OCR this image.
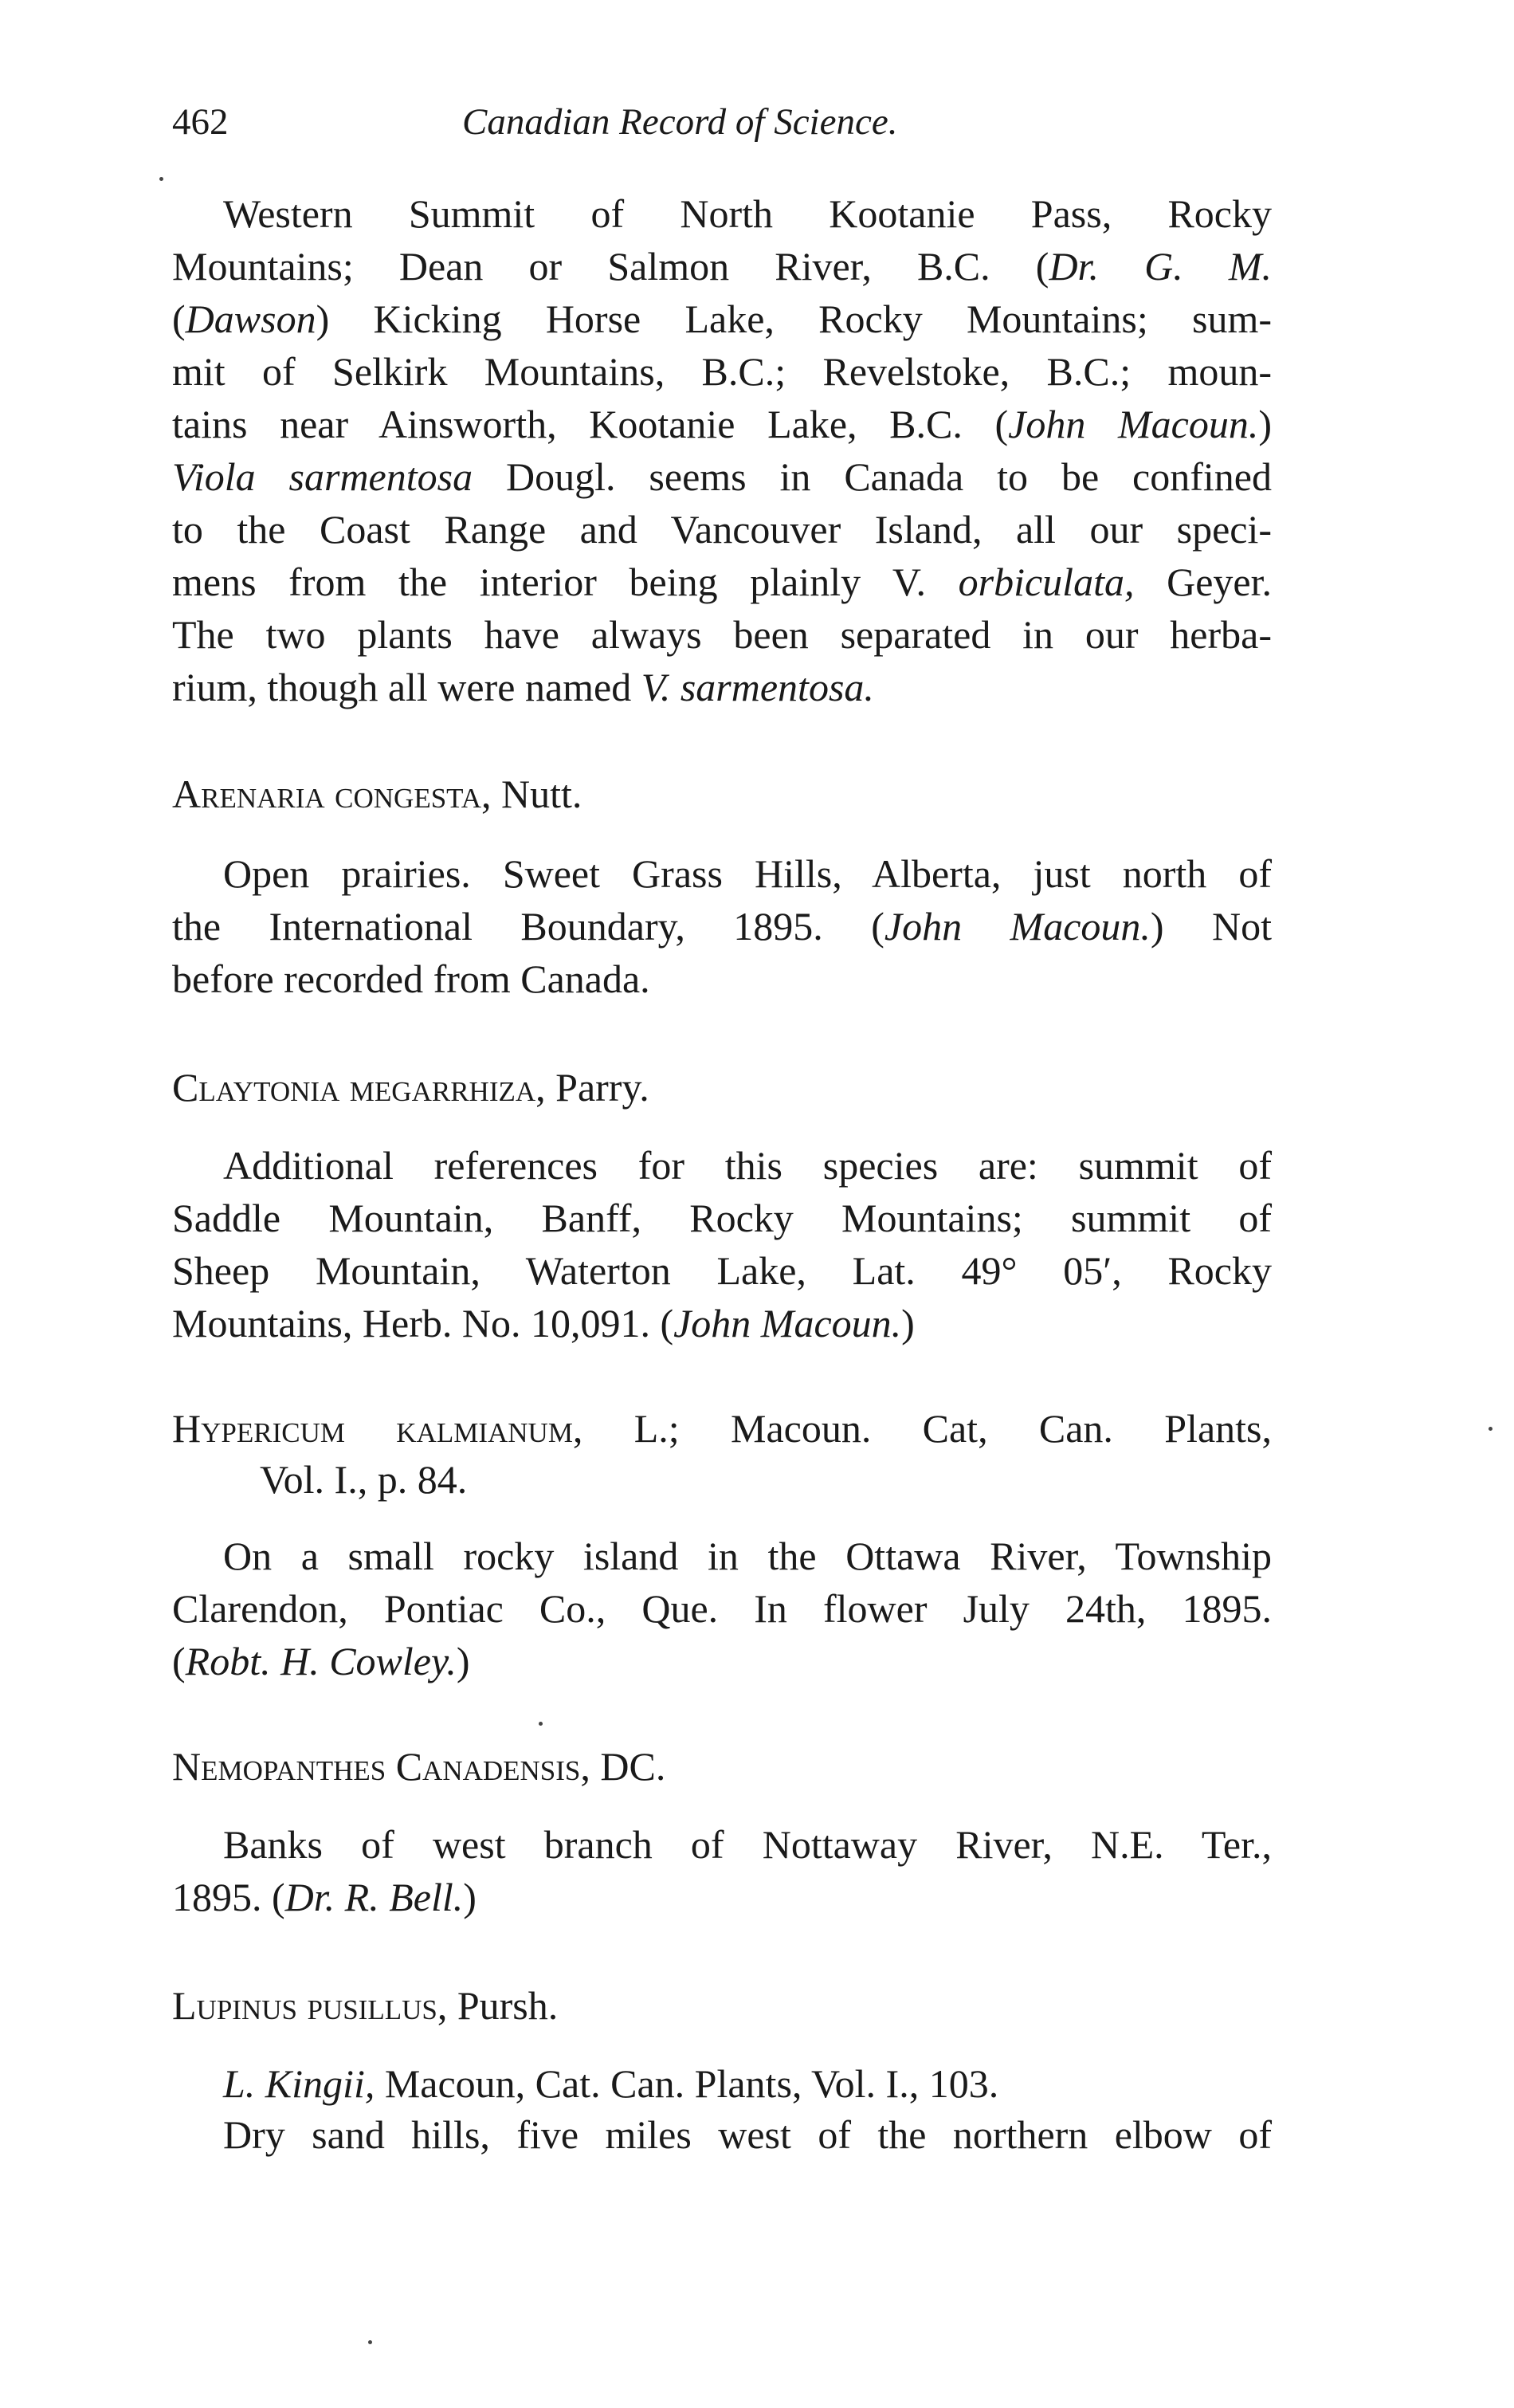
462	Canadian Record of Science.
Western Summit of North Kootanie Pass, Rocky
Mountains; Dean or Salmon River, B.C. (Dr. G. M.
(Dawson) Kicking Horse Lake, Rocky Mountains; sum-
mit of Selkirk Mountains, B.C.; Revelstoke, B.C.; moun-
tains near Ainsworth, Kootanie Lake, B.C. (John Macoun.)
Viola sarmentosa Dougl. seems in Canada to be confined
to the Coast Range and Vancouver Island, all our speci-
mens from the interior being plainly V. orbiculata, Geyer.
The two plants have always been separated in our herba-
rium, though all were named V. sarmentosa.
Arenaria congesta, Nutt.
Open prairies. Sweet Grass Hills, Alberta, just north of
the International Boundary, 1895. (John Macoun.) Not
before recorded from Canada.
Claytonia megarrhiza, Parry.
Additional references for this species are: summit of
Saddle Mountain, Banff, Rocky Mountains; summit of
Sheep Mountain, Waterton Lake, Lat. 49° 05′, Rocky
Mountains, Herb. No. 10,091. (John Macoun.)
Hypericum kalmianum, L.; Macoun. Cat, Can. Plants,
Vol. I., p. 84.
On a small rocky island in the Ottawa River, Township
Clarendon, Pontiac Co., Que. In flower July 24th, 1895.
(Robt. H. Cowley.)
Nemopanthes Canadensis, DC.
Banks of west branch of Nottaway River, N.E. Ter.,
1895. (Dr. R. Bell.)
Lupinus pusillus, Pursh.
L. Kingii, Macoun, Cat. Can. Plants, Vol. I., 103.
Dry sand hills, five miles west of the northern elbow of
